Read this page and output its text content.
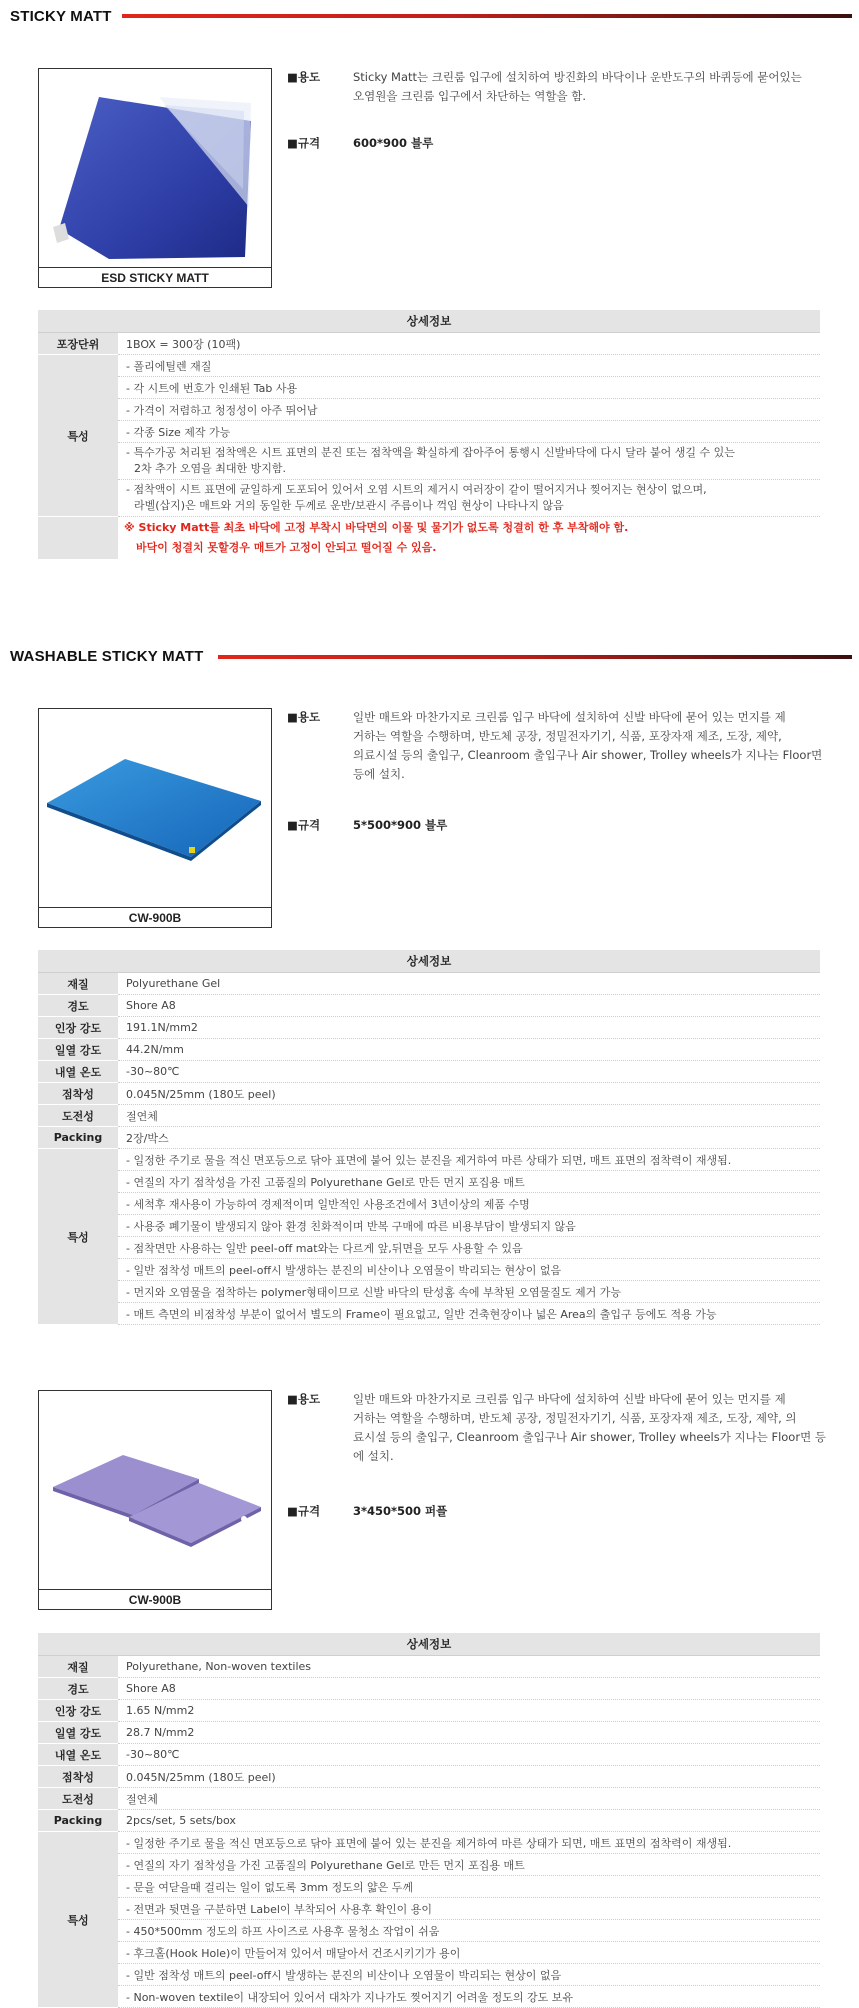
STICKY MATT
ESD STICKY MATT
■용도	Sticky Matt는 크린룸 입구에 설치하여 방진화의 바닥이나 운반도구의 바퀴등에 묻어있는
오염원을 크린룸 입구에서 차단하는 역할을 함.
■규격	600*900 블루
상세정보	
포장단위	1BOX = 300장 (10팩)
특성	- 폴리에틸렌 재질
	- 각 시트에 번호가 인쇄된 Tab 사용
	- 가격이 저렴하고 청정성이 아주 뛰어남
	- 각종 Size 제작 가능

	- 특수가공 처리된 점착액은 시트 표면의 분진 또는 점착액을 확실하게 잡아주어 통행시 신발바닥에 다시 달라 붙어 생길 수 있는
2차 추가 오염을 최대한 방지함.

	- 점착액이 시트 표면에 균일하게 도포되어 있어서 오염 시트의 제거시 여러장이 같이 떨어지거나 찢어지는 현상이 없으며,
라벨(삽지)은 매트와 거의 동일한 두께로 운반/보관시 주름이나 꺽임 현상이 나타나지 않음

	※ Sticky Matt를 최초 바닥에 고정 부착시 바닥면의 이물 및 물기가 없도록 청결히 한 후 부착해야 함.
바닥이 청결치 못할경우 매트가 고정이 안되고 떨어질 수 있음.
WASHABLE STICKY MATT
CW-900B
■용도	일반 매트와 마찬가지로 크린룸 입구 바닥에 설치하여 신발 바닥에 묻어 있는 먼지를 제
거하는 역할을 수행하며, 반도체 공장, 정밀전자기기, 식품, 포장자재 제조, 도장, 제약,
의료시설 등의 출입구, Cleanroom 출입구나 Air shower, Trolley wheels가 지나는 Floor면
등에 설치.
■규격	5*500*900 블루
상세정보	
재질	Polyurethane Gel
경도	Shore A8
인장 강도	191.1N/mm2
일열 강도	44.2N/mm
내열 온도	-30~80℃
점착성	0.045N/25mm (180도 peel)
도전성	절연체
Packing	2장/박스
특성	- 일정한 주기로 물을 적신 면포등으로 닦아 표면에 붙어 있는 분진을 제거하여 마른 상태가 되면, 매트 표면의 점착력이 재생됨.
	- 연질의 자기 점착성을 가진 고품질의 Polyurethane Gel로 만든 먼지 포집용 매트
	- 세척후 재사용이 가능하여 경제적이며 일반적인 사용조건에서 3년이상의 제품 수명
	- 사용중 폐기물이 발생되지 않아 환경 친화적이며 반복 구매에 따른 비용부담이 발생되지 않음
	- 점착면만 사용하는 일반 peel-off mat와는 다르게 앞,뒤면을 모두 사용할 수 있음
	- 일반 점착성 매트의 peel-off시 발생하는 분진의 비산이나 오염물이 박리되는 현상이 없음
	- 먼지와 오염물을 점착하는 polymer형태이므로 신발 바닥의 탄성홈 속에 부착된 오염물질도 제거 가능
	- 매트 측면의 비점착성 부분이 없어서 별도의 Frame이 필요없고, 일반 건축현장이나 넓은 Area의 출입구 등에도 적용 가능
CW-900B
■용도	일반 매트와 마찬가지로 크린룸 입구 바닥에 설치하여 신발 바닥에 묻어 있는 먼지를 제
거하는 역할을 수행하며, 반도체 공장, 정밀전자기기, 식품, 포장자재 제조, 도장, 제약, 의
료시설 등의 출입구, Cleanroom 출입구나 Air shower, Trolley wheels가 지나는 Floor면 등
에 설치.
■규격	3*450*500 퍼플
상세정보	
재질	Polyurethane, Non-woven textiles
경도	Shore A8
인장 강도	1.65 N/mm2
일열 강도	28.7 N/mm2
내열 온도	-30~80℃
점착성	0.045N/25mm (180도 peel)
도전성	절연체
Packing	2pcs/set, 5 sets/box
특성	- 일정한 주기로 물을 적신 면포등으로 닦아 표면에 붙어 있는 분진을 제거하여 마른 상태가 되면, 매트 표면의 점착력이 재생됨.
	- 연질의 자기 점착성을 가진 고품질의 Polyurethane Gel로 만든 먼지 포집용 매트
	- 문을 여닫을때 걸리는 일이 없도록 3mm 정도의 얇은 두께
	- 전면과 뒷면을 구분하면 Label이 부착되어 사용후 확인이 용이
	- 450*500mm 정도의 하프 사이즈로 사용후 물청소 작업이 쉬움
	- 후크홀(Hook Hole)이 만들어져 있어서 매달아서 건조시키기가 용이
	- 일반 점착성 매트의 peel-off시 발생하는 분진의 비산이나 오염물이 박리되는 현상이 없음
	- Non-woven textile이 내장되어 있어서 대차가 지나가도 찢어지기 어려울 정도의 강도 보유
